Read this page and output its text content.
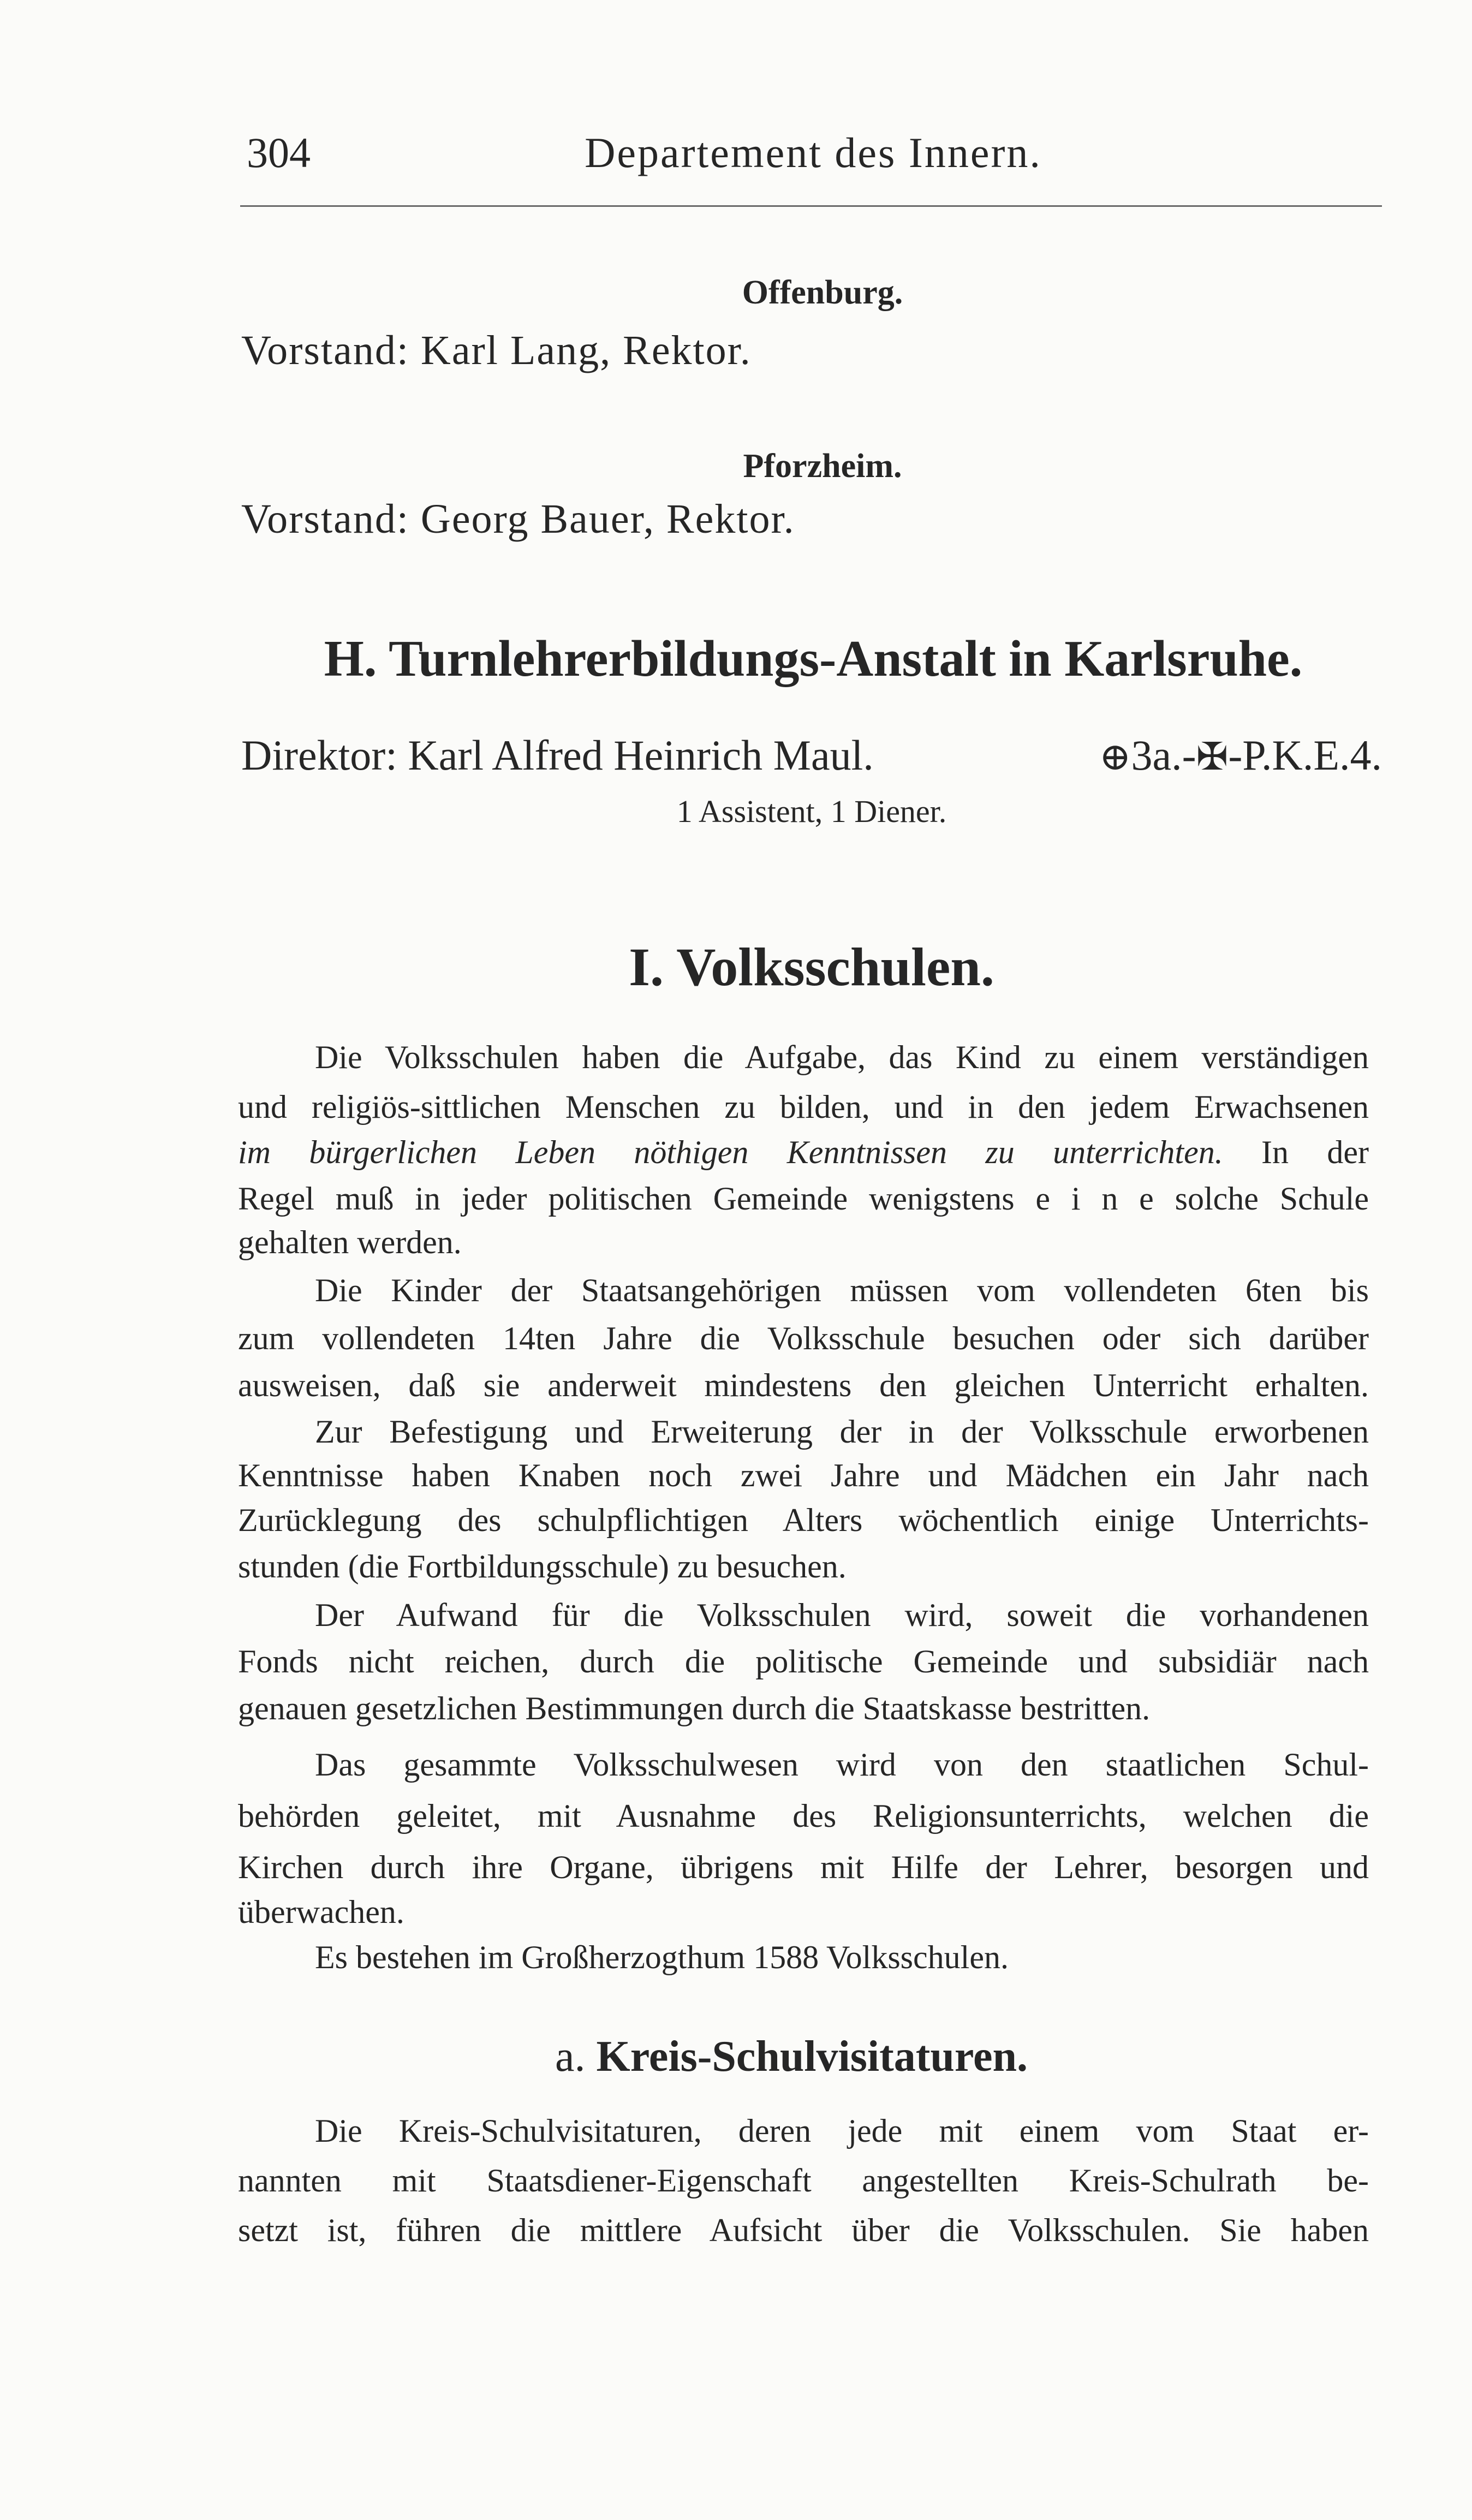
304	Departement des Innern.
Offenburg.
Vorstand: Karl Lang, Rektor.
Pforzheim.
Vorstand: Georg Bauer, Rektor.
H. Turnlehrerbildungs-Anstalt in Karlsruhe.
Direktor: Karl Alfred Heinrich Maul.	⊕3a.-✠-P.K.E.4.
1 Assistent, 1 Diener.
I. Volksschulen.
Die Volksschulen haben die Aufgabe, das Kind zu einem verständigen
und religiös-sittlichen Menschen zu bilden, und in den jedem Erwachsenen
im bürgerlichen Leben nöthigen Kenntnissen zu unterrichten. In der
Regel muß in jeder politischen Gemeinde wenigstens e i n e solche Schule
gehalten werden.
Die Kinder der Staatsangehörigen müssen vom vollendeten 6ten bis
zum vollendeten 14ten Jahre die Volksschule besuchen oder sich darüber
ausweisen, daß sie anderweit mindestens den gleichen Unterricht erhalten.
Zur Befestigung und Erweiterung der in der Volksschule erworbenen
Kenntnisse haben Knaben noch zwei Jahre und Mädchen ein Jahr nach
Zurücklegung des schulpflichtigen Alters wöchentlich einige Unterrichts-
stunden (die Fortbildungsschule) zu besuchen.
Der Aufwand für die Volksschulen wird, soweit die vorhandenen
Fonds nicht reichen, durch die politische Gemeinde und subsidiär nach
genauen gesetzlichen Bestimmungen durch die Staatskasse bestritten.
Das gesammte Volksschulwesen wird von den staatlichen Schul-
behörden geleitet, mit Ausnahme des Religionsunterrichts, welchen die
Kirchen durch ihre Organe, übrigens mit Hilfe der Lehrer, besorgen und
überwachen.
Es bestehen im Großherzogthum 1588 Volksschulen.
Die Kreis-Schulvisitaturen, deren jede mit einem vom Staat er-
nannten mit Staatsdiener-Eigenschaft angestellten Kreis-Schulrath be-
setzt ist, führen die mittlere Aufsicht über die Volksschulen. Sie haben
a. Kreis-Schulvisitaturen.
